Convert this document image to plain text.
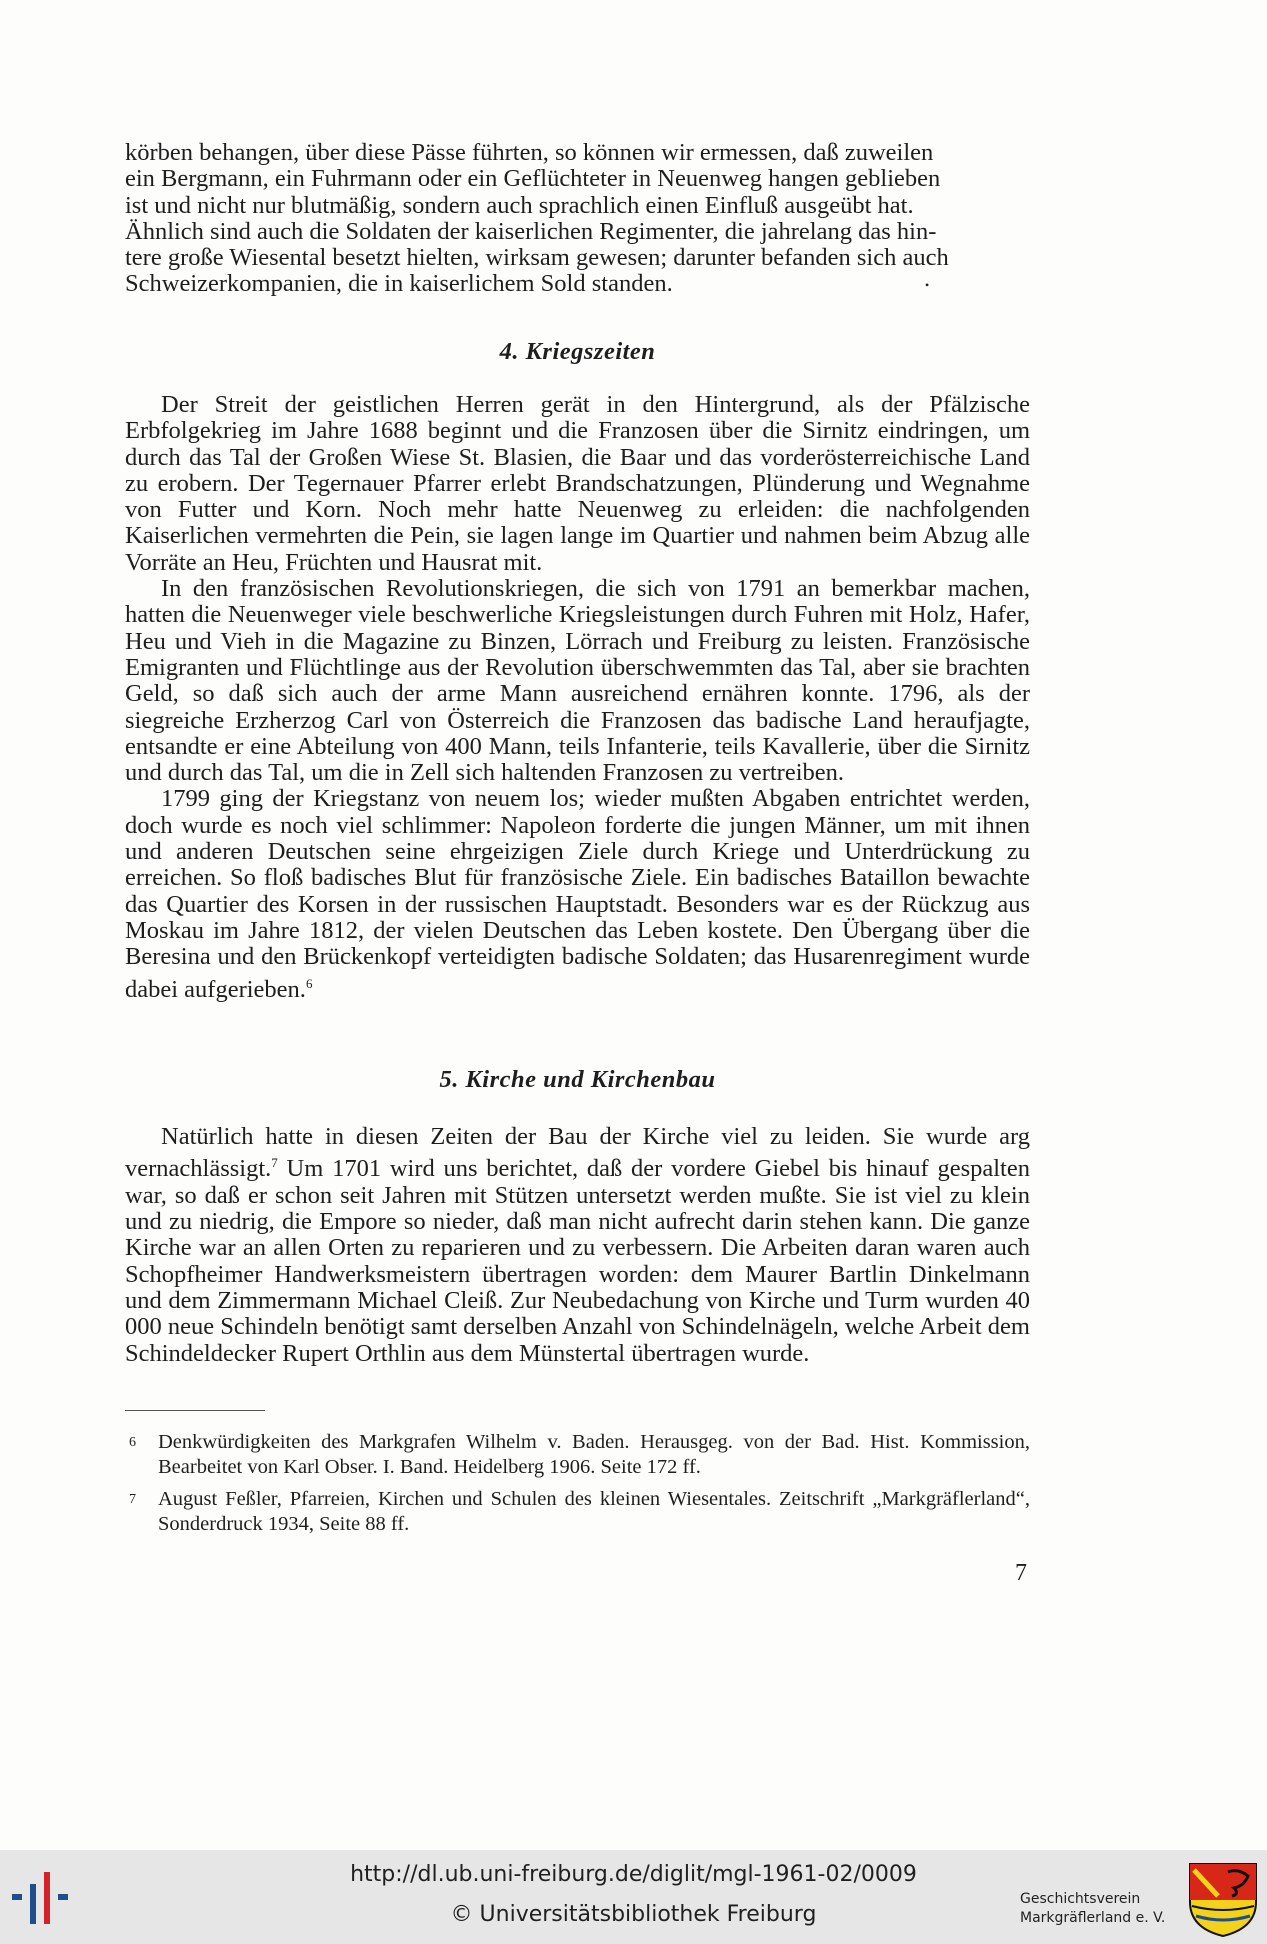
körben behangen, über diese Pässe führten, so können wir ermessen, daß zuweilen
ein Bergmann, ein Fuhrmann oder ein Geflüchteter in Neuenweg hangen geblieben
ist und nicht nur blutmäßig, sondern auch sprachlich einen Einfluß ausgeübt hat.
Ähnlich sind auch die Soldaten der kaiserlichen Regimenter, die jahrelang das hin-
tere große Wiesental besetzt hielten, wirksam gewesen; darunter befanden sich auch
Schweizerkompanien, die in kaiserlichem Sold standen.	•
4. Kriegszeiten

Der Streit der geistlichen Herren gerät in den Hintergrund, als der Pfälzische Erbfolgekrieg im Jahre 1688 beginnt und die Franzosen über die Sirnitz eindringen, um durch das Tal der Großen Wiese St. Blasien, die Baar und das vorderösterreichische Land zu erobern. Der Tegernauer Pfarrer erlebt Brandschatzungen, Plünderung und Wegnahme von Futter und Korn. Noch mehr hatte Neuenweg zu erleiden: die nachfolgenden Kaiserlichen vermehrten die Pein, sie lagen lange im Quartier und nahmen beim Abzug alle Vorräte an Heu, Früchten und Hausrat mit.

In den französischen Revolutionskriegen, die sich von 1791 an bemerkbar machen, hatten die Neuenweger viele beschwerliche Kriegsleistungen durch Fuhren mit Holz, Hafer, Heu und Vieh in die Magazine zu Binzen, Lörrach und Freiburg zu leisten. Französische Emigranten und Flüchtlinge aus der Revolution überschwemmten das Tal, aber sie brachten Geld, so daß sich auch der arme Mann ausreichend ernähren konnte. 1796, als der siegreiche Erzherzog Carl von Österreich die Franzosen das badische Land heraufjagte, entsandte er eine Abteilung von 400 Mann, teils Infanterie, teils Kavallerie, über die Sirnitz und durch das Tal, um die in Zell sich haltenden Franzosen zu vertreiben.

1799 ging der Kriegstanz von neuem los; wieder mußten Abgaben entrichtet werden, doch wurde es noch viel schlimmer: Napoleon forderte die jungen Männer, um mit ihnen und anderen Deutschen seine ehrgeizigen Ziele durch Kriege und Unterdrückung zu erreichen. So floß badisches Blut für französische Ziele. Ein badisches Bataillon bewachte das Quartier des Korsen in der russischen Hauptstadt. Besonders war es der Rückzug aus Moskau im Jahre 1812, der vielen Deutschen das Leben kostete. Den Übergang über die Beresina und den Brückenkopf verteidigten badische Soldaten; das Husarenregiment wurde dabei aufgerieben.$^6$

5. Kirche und Kirchenbau

Natürlich hatte in diesen Zeiten der Bau der Kirche viel zu leiden. Sie wurde arg vernachlässigt.$^7$ Um 1701 wird uns berichtet, daß der vordere Giebel bis hinauf gespalten war, so daß er schon seit Jahren mit Stützen untersetzt werden mußte. Sie ist viel zu klein und zu niedrig, die Empore so nieder, daß man nicht aufrecht darin stehen kann. Die ganze Kirche war an allen Orten zu reparieren und zu verbessern. Die Arbeiten daran waren auch Schopfheimer Handwerksmeistern übertragen worden: dem Maurer Bartlin Dinkelmann und dem Zimmermann Michael Cleiß. Zur Neubedachung von Kirche und Turm wurden 40 000 neue Schindeln benötigt samt derselben Anzahl von Schindelnägeln, welche Arbeit dem Schindeldecker Rupert Orthlin aus dem Münstertal übertragen wurde.

6 Denkwürdigkeiten des Markgrafen Wilhelm v. Baden. Herausgeg. von der Bad. Hist. Kommission, Bearbeitet von Karl Obser. I. Band. Heidelberg 1906. Seite 172 ff.

7 August Feßler, Pfarreien, Kirchen und Schulen des kleinen Wiesentales. Zeitschrift „Markgräflerland“, Sonderdruck 1934, Seite 88 ff.

7
http://dl.ub.uni-freiburg.de/diglit/mgl-1961-02/0009
© Universitätsbibliothek Freiburg
Geschichtsverein
Markgräflerland e. V.
